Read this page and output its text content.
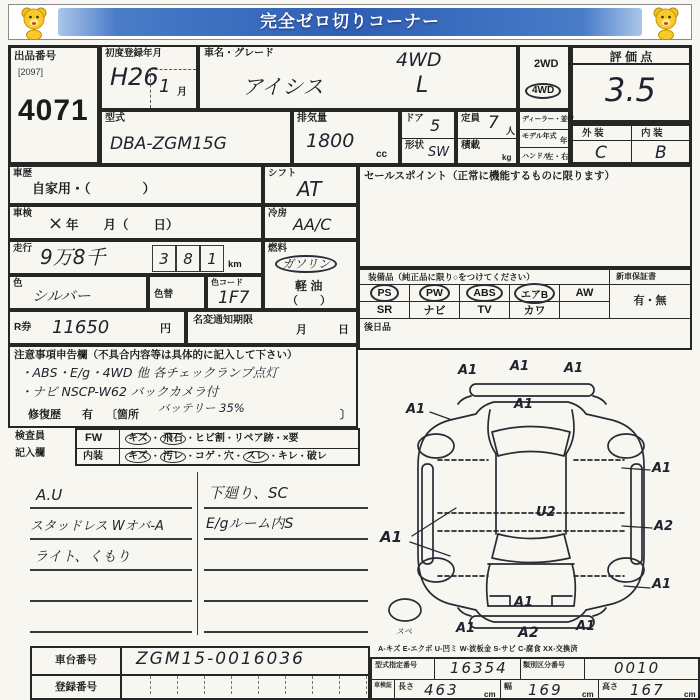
完全ゼロ切りコーナー
出品番号
[2097]
4071
初度登録年月
H26 1 月
車名・グレード	4WD
アイシス	L
2WD
4WD
評 価 点
3.5
外 装	内 装
C	B
型式
DBA-ZGM15G
排気量
1800
cc
ドア 5
形状 SW
定員 7 人
積載
kg
ディーラー・並行
モデル年式 年
ハンドル
左・右
車歴
自家用・（　　　　）
シフト
AT
車検 × 年　　月（　　日）
冷房
AA/C
走行 9万8千	3 8 1 km
燃料
ガソリン
軽 油
（　　）
色
シルバー	色替
色コード
1F7
R券 11650	円
名変通知期限
月	日
セールスポイント（正常に機能するものに限ります）
装備品（純正品に限り○をつけてください）	新車保証書
PS	PW	ABS	エアB	AW
SR	ナビ	TV	カワ
有・無
後日品
注意事項申告欄（不具合内容等は具体的に記入して下さい）
・ABS・E/g・4WD 他 各チェックランプ点灯
・ナビ NSCP-W62 バックカメラ付
バッテリー 35%
修復歴 有 〔箇所	〕
検査員
記入欄
FW	キズ ・ 飛石 ・ヒビ割・リペア跡・×要
内装	キズ ・ 汚レ ・コゲ・穴・ スレ ・キレ・破レ
A.U
スタッドレス Wオバ-A
ライト、くもり
下廻り、SC
E/gルーム内S
車台番号	ZGM15-0016036
登録番号
A1	A1	A1
A1
A1
A1
U2
A2
A1
A1
A1
A1	A2	A1
スペ
A-キズ E-エクボ U-凹ミ W-波板金 S-サビ C-腐食 XX-交換済
型式指定番号	16354 類別区分番号	0010
車検証 長さ 463	cm
幅 169 cm
高さ 167 cm
